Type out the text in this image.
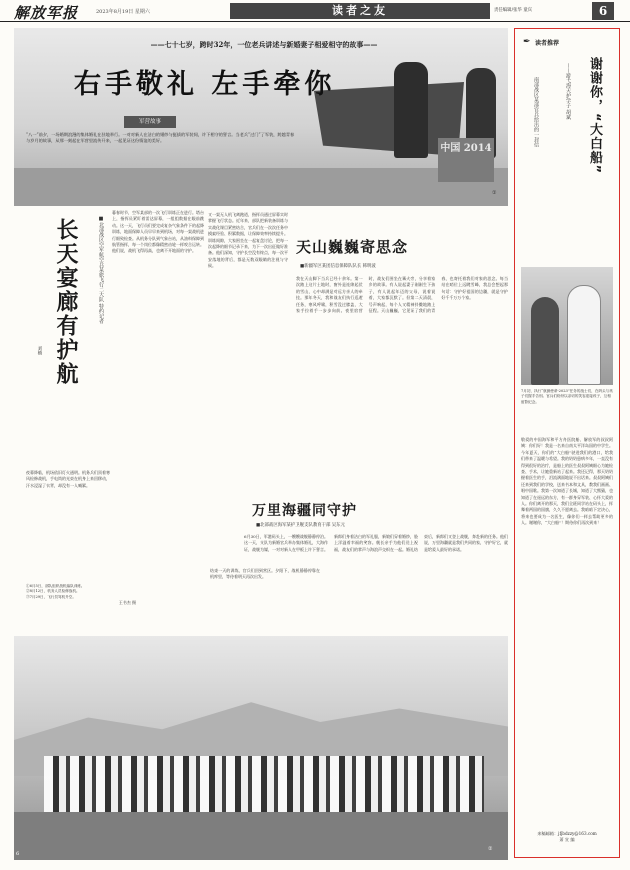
解放军报	2023年8月19日 星期六	读者之友	责任编辑/张华 童宾	6
中国 2014
——七十七岁，跨时32年，一位老兵讲述与新婚妻子相爱相守的故事——
右手敬礼 左手牵你
军营故事
“八一”前夕，一场婚期浪漫的集体婚礼在驻地举行。一对对新人在洁白的婚纱与挺拔的军装间，许下相守的誓言。当老兵“过门”了军装，跨越青春与岁月的故事，从那一刻起在军营里流传开来，一起见证这份情谊的美好。
①
■北部战区空军航空兵某旅飞行二大队 特约记者
长天宴廊有护航
刘楠
暮春时节，空军某部的一次飞行训练正在进行。塔台上，指挥员紧盯着雷达屏幕，一组组数据在眼前跳动。这一天，飞行员们要完成复杂气象条件下的起降训练，地面保障人员早早来到机场，对每一架战机进行细致检查。从机务分队到气象台站，从油料保障到航管指挥，每一个岗位都像精密齿轮一样咬合运转。他们说，战机飞得再高，也离不开地面的守护。
夜幕降临，机场依旧灯火通明。机务兵们顶着寒风检修战机，手电筒的光束在机身上来回移动，汗水浸湿了衣背，却没有一人喊累。
①6月5日，部队组织战机编队训练。
②8月12日，机务人员检修战机。
③7月29日，飞行员驾机升空。
王书杰 摄
又一架无人机飞离跑道，指挥员通过屏幕实时掌握飞行状态。近年来，部队把新装备训练与实战化课目紧密结合，官兵们在一次次任务中摸索经验、积累数据，让保障效率持续提升。训练间隙，大家围坐在一起复盘讨论，把每一次起降的细节记录下来，为下一次出征做好准备。他们深知，守护长空没有终点，每一次平安落地的背后，都是无数双眼睛的注视与守候。
结束一天的训练，官兵们回到营区。夕阳下，战机静静停靠在机库里，等待着明天再次出发。
天山巍巍寄思念
■新疆军区某团信息保障队队长 韩明波
我在天山脚下当兵已经十余年。第一次踏上这片土地时，窗外是连绵起伏的雪山，心中却满是对远方亲人的牵挂。那年冬天，我和战友们执行巡逻任务，寒风呼啸，积雪没过膝盖，大家手拉着手一步步向前。夜里宿营时，战友们围坐在篝火旁，分享着家乡的故事。有人说起妻子刚刚生下孩子，有人说起年迈的父母，说着说着，大家都沉默了。但第二天清晨，号声响起，每个人又精神抖擞地踏上征程。天山巍巍，它见证了我们的青春，也寄托着我们对家的思念。每当站在哨位上远眺雪峰，我总会想起那句话：守护好祖国的边疆，就是守护好千千万万个家。
万里海疆同守护
■北部战区海军某护卫舰支队教育干部 吴东元
6月30日，军港码头上，一艘艘战舰静静停泊。这一天，支队为新婚官兵举办集体婚礼，大海作证，战舰为媒，一对对新人在甲板上许下誓言。新郎们身着洁白的军礼服，新娘们穿着婚纱，脸上洋溢着幸福的笑容。舰长亲手为他们送上祝福，战友们的掌声与海浪声交织在一起。婚礼结束后，新郎们又登上战舰，奔赴新的任务。他们说，万里海疆就是我们共同的家，守护好它，就是给爱人最好的承诺。
②
6
✒ 读者推荐
谢谢你，“大白船”
——游弋海天护学子 胡斌
南部战区某部官兵给出的一封信
7月初，执行“航测使命-2023”任务的战士们，在码头与孩子们握手告别。官兵们纷纷以亲切的笑容迎接孩子，互相留影纪念。
敬爱的中国海军和平方舟医院船、解放军的叔叔阿姨：你们好！我是一名来自南太平洋岛国的中学生。今年夏天，你们的“大白船”驶进我们的港口，给我们带来了温暖与希望。我的奶奶患病多年，一直没有得到很好的治疗，是船上的医生叔叔阿姨细心为她检查、手术，让她重新站了起来。我还记得，那天奶奶握着医生的手，泪流满面地说不出话来。叔叔阿姨们还来到我们的学校，送来书本和文具，教我们画画、唱中国歌。我第一次知道了长城，知道了大熊猫，也知道了在遥远的东方，有一群身穿军装、心怀大爱的人。你们离开的那天，我们全班同学站在码头上，挥舞着两国的国旗，久久不愿离去。我暗暗下定决心，将来也要成为一名医生，像你们一样去帮助更多的人。谢谢你，“大白船”！期待你们再次到来！
来稿邮箱：jfjbdzzy@163.com
萧 宣 编
